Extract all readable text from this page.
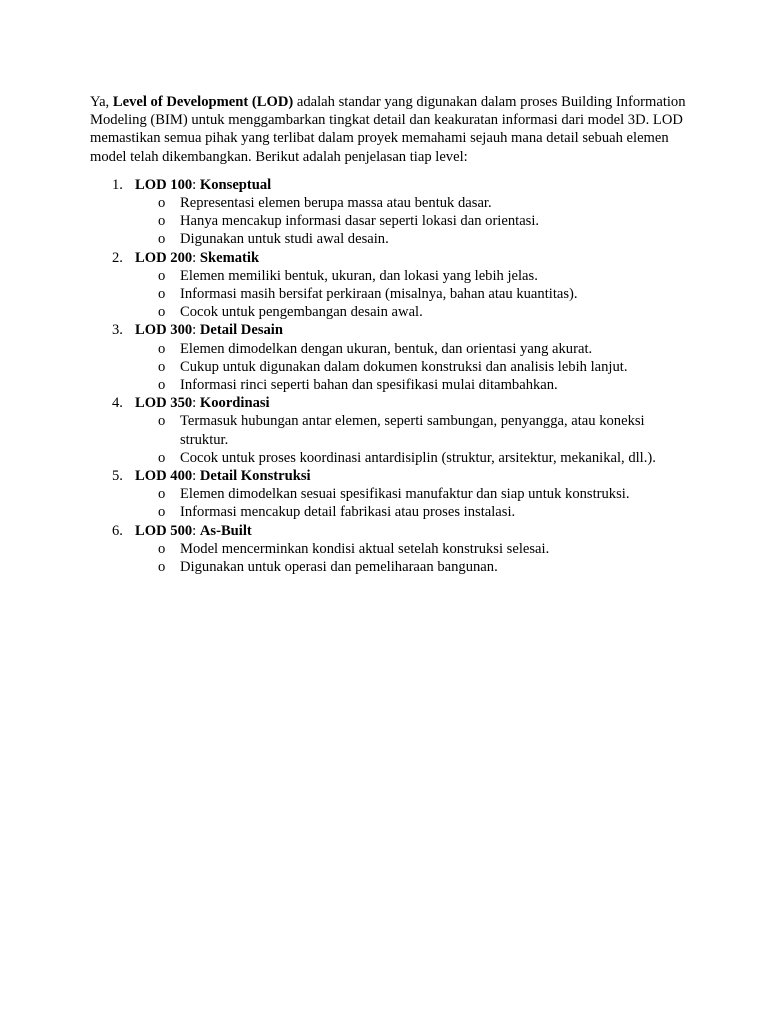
Ya, Level of Development (LOD) adalah standar yang digunakan dalam proses Building Information Modeling (BIM) untuk menggambarkan tingkat detail dan keakuratan informasi dari model 3D. LOD memastikan semua pihak yang terlibat dalam proyek memahami sejauh mana detail sebuah elemen model telah dikembangkan. Berikut adalah penjelasan tiap level:

1. LOD 100: Konseptual
o Representasi elemen berupa massa atau bentuk dasar.
o Hanya mencakup informasi dasar seperti lokasi dan orientasi.
o Digunakan untuk studi awal desain.
2. LOD 200: Skematik
o Elemen memiliki bentuk, ukuran, dan lokasi yang lebih jelas.
o Informasi masih bersifat perkiraan (misalnya, bahan atau kuantitas).
o Cocok untuk pengembangan desain awal.
3. LOD 300: Detail Desain
o Elemen dimodelkan dengan ukuran, bentuk, dan orientasi yang akurat.
o Cukup untuk digunakan dalam dokumen konstruksi dan analisis lebih lanjut.
o Informasi rinci seperti bahan dan spesifikasi mulai ditambahkan.
4. LOD 350: Koordinasi
o Termasuk hubungan antar elemen, seperti sambungan, penyangga, atau koneksi struktur.
o Cocok untuk proses koordinasi antardisiplin (struktur, arsitektur, mekanikal, dll.).
5. LOD 400: Detail Konstruksi
o Elemen dimodelkan sesuai spesifikasi manufaktur dan siap untuk konstruksi.
o Informasi mencakup detail fabrikasi atau proses instalasi.
6. LOD 500: As-Built
o Model mencerminkan kondisi aktual setelah konstruksi selesai.
o Digunakan untuk operasi dan pemeliharaan bangunan.
